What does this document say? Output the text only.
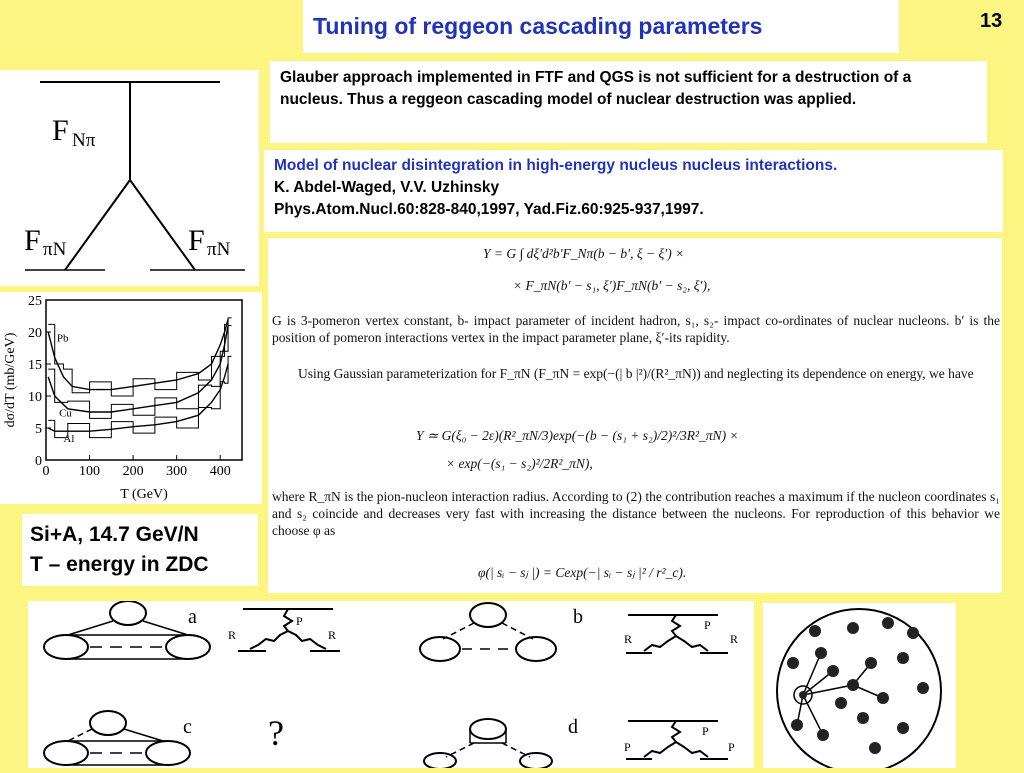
Tuning of reggeon cascading parameters	13
Glauber approach implemented in FTF and QGS is not sufficient for a destruction of a nucleus. Thus a reggeon cascading model of nuclear destruction was applied.
Model of nuclear disintegration in high-energy nucleus nucleus interactions.
K. Abdel-Waged, V.V. Uzhinsky
Phys.Atom.Nucl.60:828-840,1997, Yad.Fiz.60:925-937,1997.
F Nπ
F πN	F πN
0 100 200 300 400
0
5
10
15
20
25
T (GeV)
dσ/dT (mb/GeV)	Pb
Cu
Al
Si+A, 14.7 GeV/N
T – energy in ZDC
Y = G ∫ dξ′d²b′F_Nπ(b − b′, ξ − ξ′) ×
× F_πN(b′ − s₁, ξ′)F_πN(b′ − s₂, ξ′),
G is 3-pomeron vertex constant, b- impact parameter of incident hadron, s₁, s₂- impact co-ordinates of nuclear nucleons. b′ is the position of pomeron interactions vertex in the impact parameter plane, ξ′-its rapidity.
Using Gaussian parameterization for F_πN (F_πN = exp(−(| b |²)/(R²_πN)) and neglecting its dependence on energy, we have
Y ≃ G(ξ₀ − 2ε)(R²_πN/3)exp(−(b − (s₁ + s₂)/2)²/3R²_πN) ×
× exp(−(s₁ − s₂)²/2R²_πN),
where R_πN is the pion-nucleon interaction radius. According to (2) the contribution reaches a maximum if the nucleon coordinates s₁ and s₂ coincide and decreases very fast with increasing the distance between the nucleons. For reproduction of this behavior we choose φ as
φ(| sᵢ − sⱼ |) = Cexp(−| sᵢ − sⱼ |² / r²_c).
a	P
R	R
b	P
R	R
c ?	d	P
P	P
